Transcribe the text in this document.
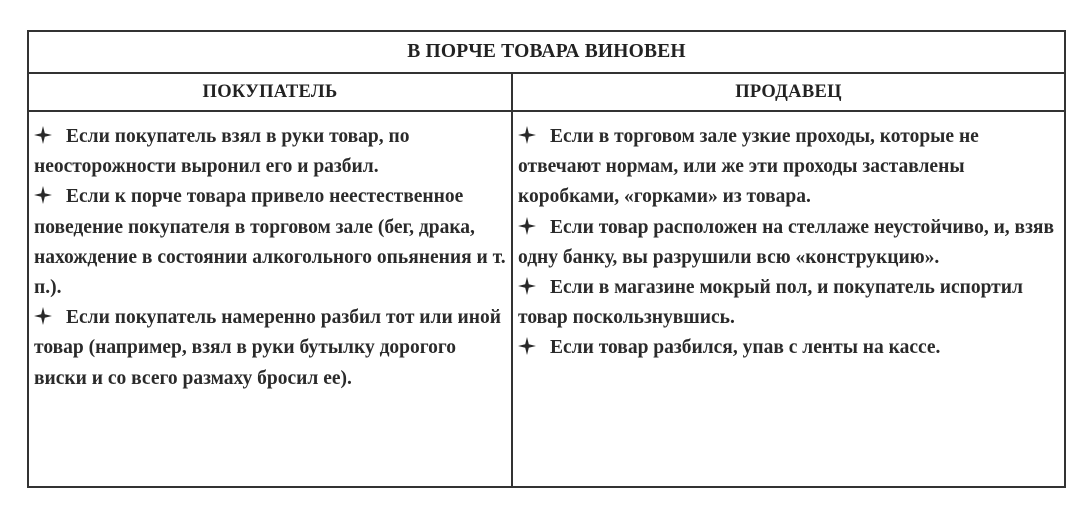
В ПОРЧЕ ТОВАРА ВИНОВЕН
ПОКУПАТЕЛЬ	ПРОДАВЕЦ
Если покупатель взял в руки товар, по неосторожности выронил его и разбил.
Если к порче товара привело неестественное поведение покупателя в торговом зале (бег, драка, нахождение в состоянии алкогольного опьянения и т. п.).
Если покупатель намеренно разбил тот или иной товар (например, взял в руки бутылку дорогого виски и со всего размаху бросил ее).
Если в торговом зале узкие проходы, которые не отвечают нормам, или же эти проходы заставлены коробками, «горками» из товара.
Если товар расположен на стеллаже неустойчиво, и, взяв одну банку, вы разрушили всю «конструкцию».
Если в магазине мокрый пол, и покупатель испортил товар поскользнувшись.
Если товар разбился, упав с ленты на кассе.
